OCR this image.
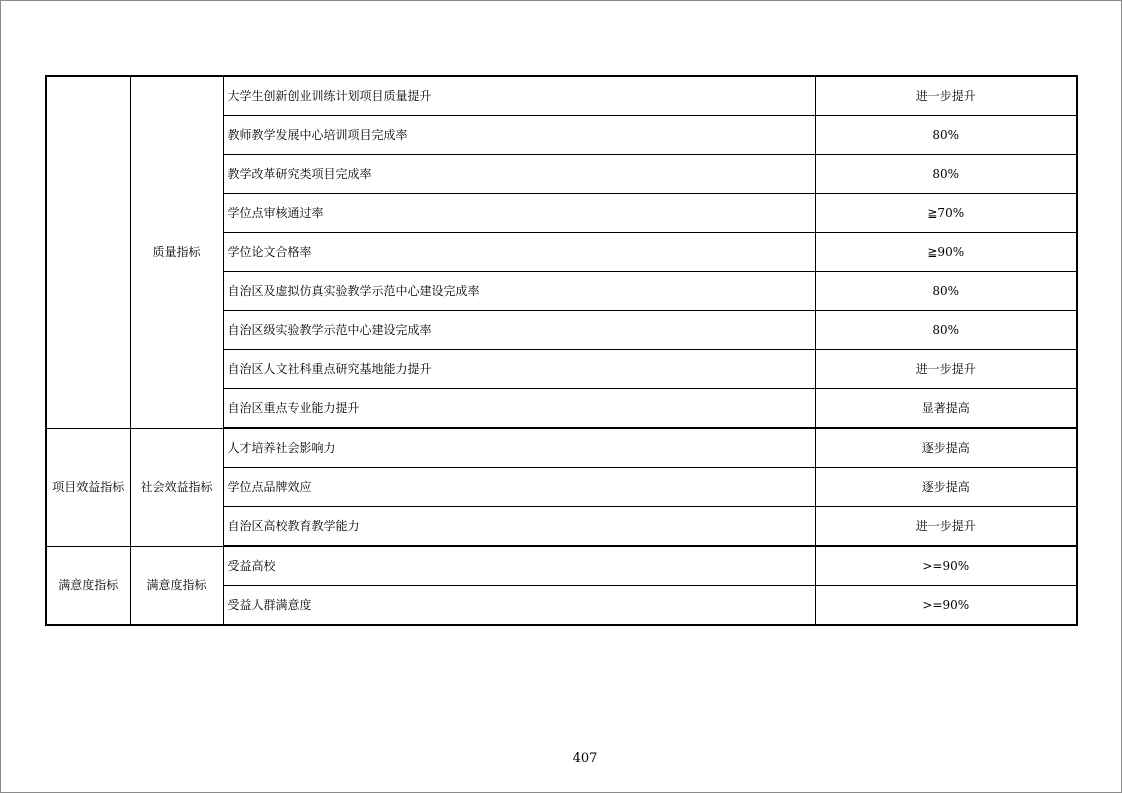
	质量指标	大学生创新创业训练计划项目质量提升	进一步提升
		教师教学发展中心培训项目完成率	80%
		教学改革研究类项目完成率	80%
		学位点审核通过率	≧70%
		学位论文合格率	≧90%
		自治区及虚拟仿真实验教学示范中心建设完成率	80%
		自治区级实验教学示范中心建设完成率	80%
		自治区人文社科重点研究基地能力提升	进一步提升
		自治区重点专业能力提升	显著提高
项目效益指标	社会效益指标	人才培养社会影响力	逐步提高
		学位点品牌效应	逐步提高
		自治区高校教育教学能力	进一步提升
满意度指标	满意度指标	受益高校	>=90%
		受益人群满意度	>=90%
407
